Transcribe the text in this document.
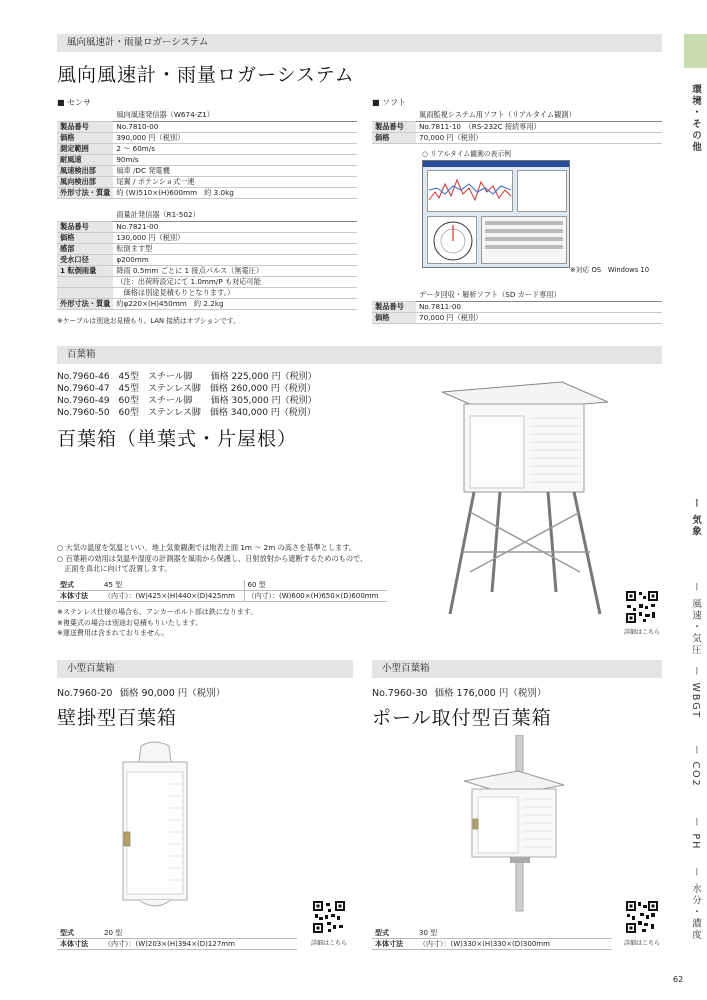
風向風速計・雨量ロガーシステム
風向風速計・雨量ロガーシステム
■ センサ
	風向風速発信器（W674-Z1）
製品番号	No.7810-00
価格	390,000 円（税別）
測定範囲	2 ～ 60m/s
耐風速	90m/s
風速検出部	風車 /DC 発電機
風向検出部	尾翼 / ポテンショ式一連
外形寸法・質量	約 (W)510×(H)600mm　約 3.0kg
	雨量計発信器（R1-502）
製品番号	No.7821-00
価格	130,000 円（税別）
感部	転倒ます型
受水口径	φ200mm
1 転倒雨量	降雨 0.5mm ごとに 1 接点パルス（無電圧）
	（注：出荷時設定にて 1.0mm/P も対応可能
	　価格は別途見積もりとなります。）
外形寸法・質量	約φ220×(H)450mm　約 2.2kg
※ケーブルは別途お見積もり。LAN 接続はオプションです。
■ ソフト
	風雨監視システム用ソフト（リアルタイム観測）
製品番号	No.7811-10　（RS-232C 接続専用）
価格	70,000 円（税別）
○ リアルタイム観測の表示例
※対応 OS　Windows 10
	データ回収・解析ソフト（SD カード専用）
製品番号	No.7811-00
価格	70,000 円（税別）
百葉箱
No.7960-46　45型　スチール脚　　価格 225,000 円（税別）
No.7960-47　45型　ステンレス脚　価格 260,000 円（税別）
No.7960-49　60型　スチール脚　　価格 305,000 円（税別）
No.7960-50　60型　ステンレス脚　価格 340,000 円（税別）
百葉箱（単葉式・片屋根）
○ 大気の温度を気温といい、地上気象観測では地表上面 1m ～ 2m の高さを基準とします。
○ 百葉箱の効用は気温や湿度の計測器を風雨から保護し、日射放射から遮断するためのもので、
　正面を真北に向けて設置します。
型式	45 型	60 型
本体寸法	（内寸）：(W)425×(H)440×(D)425mm	（内寸）：(W)600×(H)650×(D)600mm
※ステンレス仕様の場合も、アンカーボルト部は鉄になります。
※複葉式の場合は別途お見積もりいたします。
※運送費用は含まれておりません。	詳細はこちら
小型百葉箱
No.7960-20 価格 90,000 円（税別）
壁掛型百葉箱
型式	20 型
本体寸法	（内寸）：(W)203×(H)394×(D)127mm	詳細はこちら
小型百葉箱
No.7960-30 価格 176,000 円（税別）
ポール取付型百葉箱
型式	30 型
本体寸法	（内寸）：(W)330×(H)330×(D)300mm	詳細はこちら
環境・その他
ー 気象
ー 風速・気圧
ー WBGT
ー CO2
ー PH
ー 水分・濃度
62
